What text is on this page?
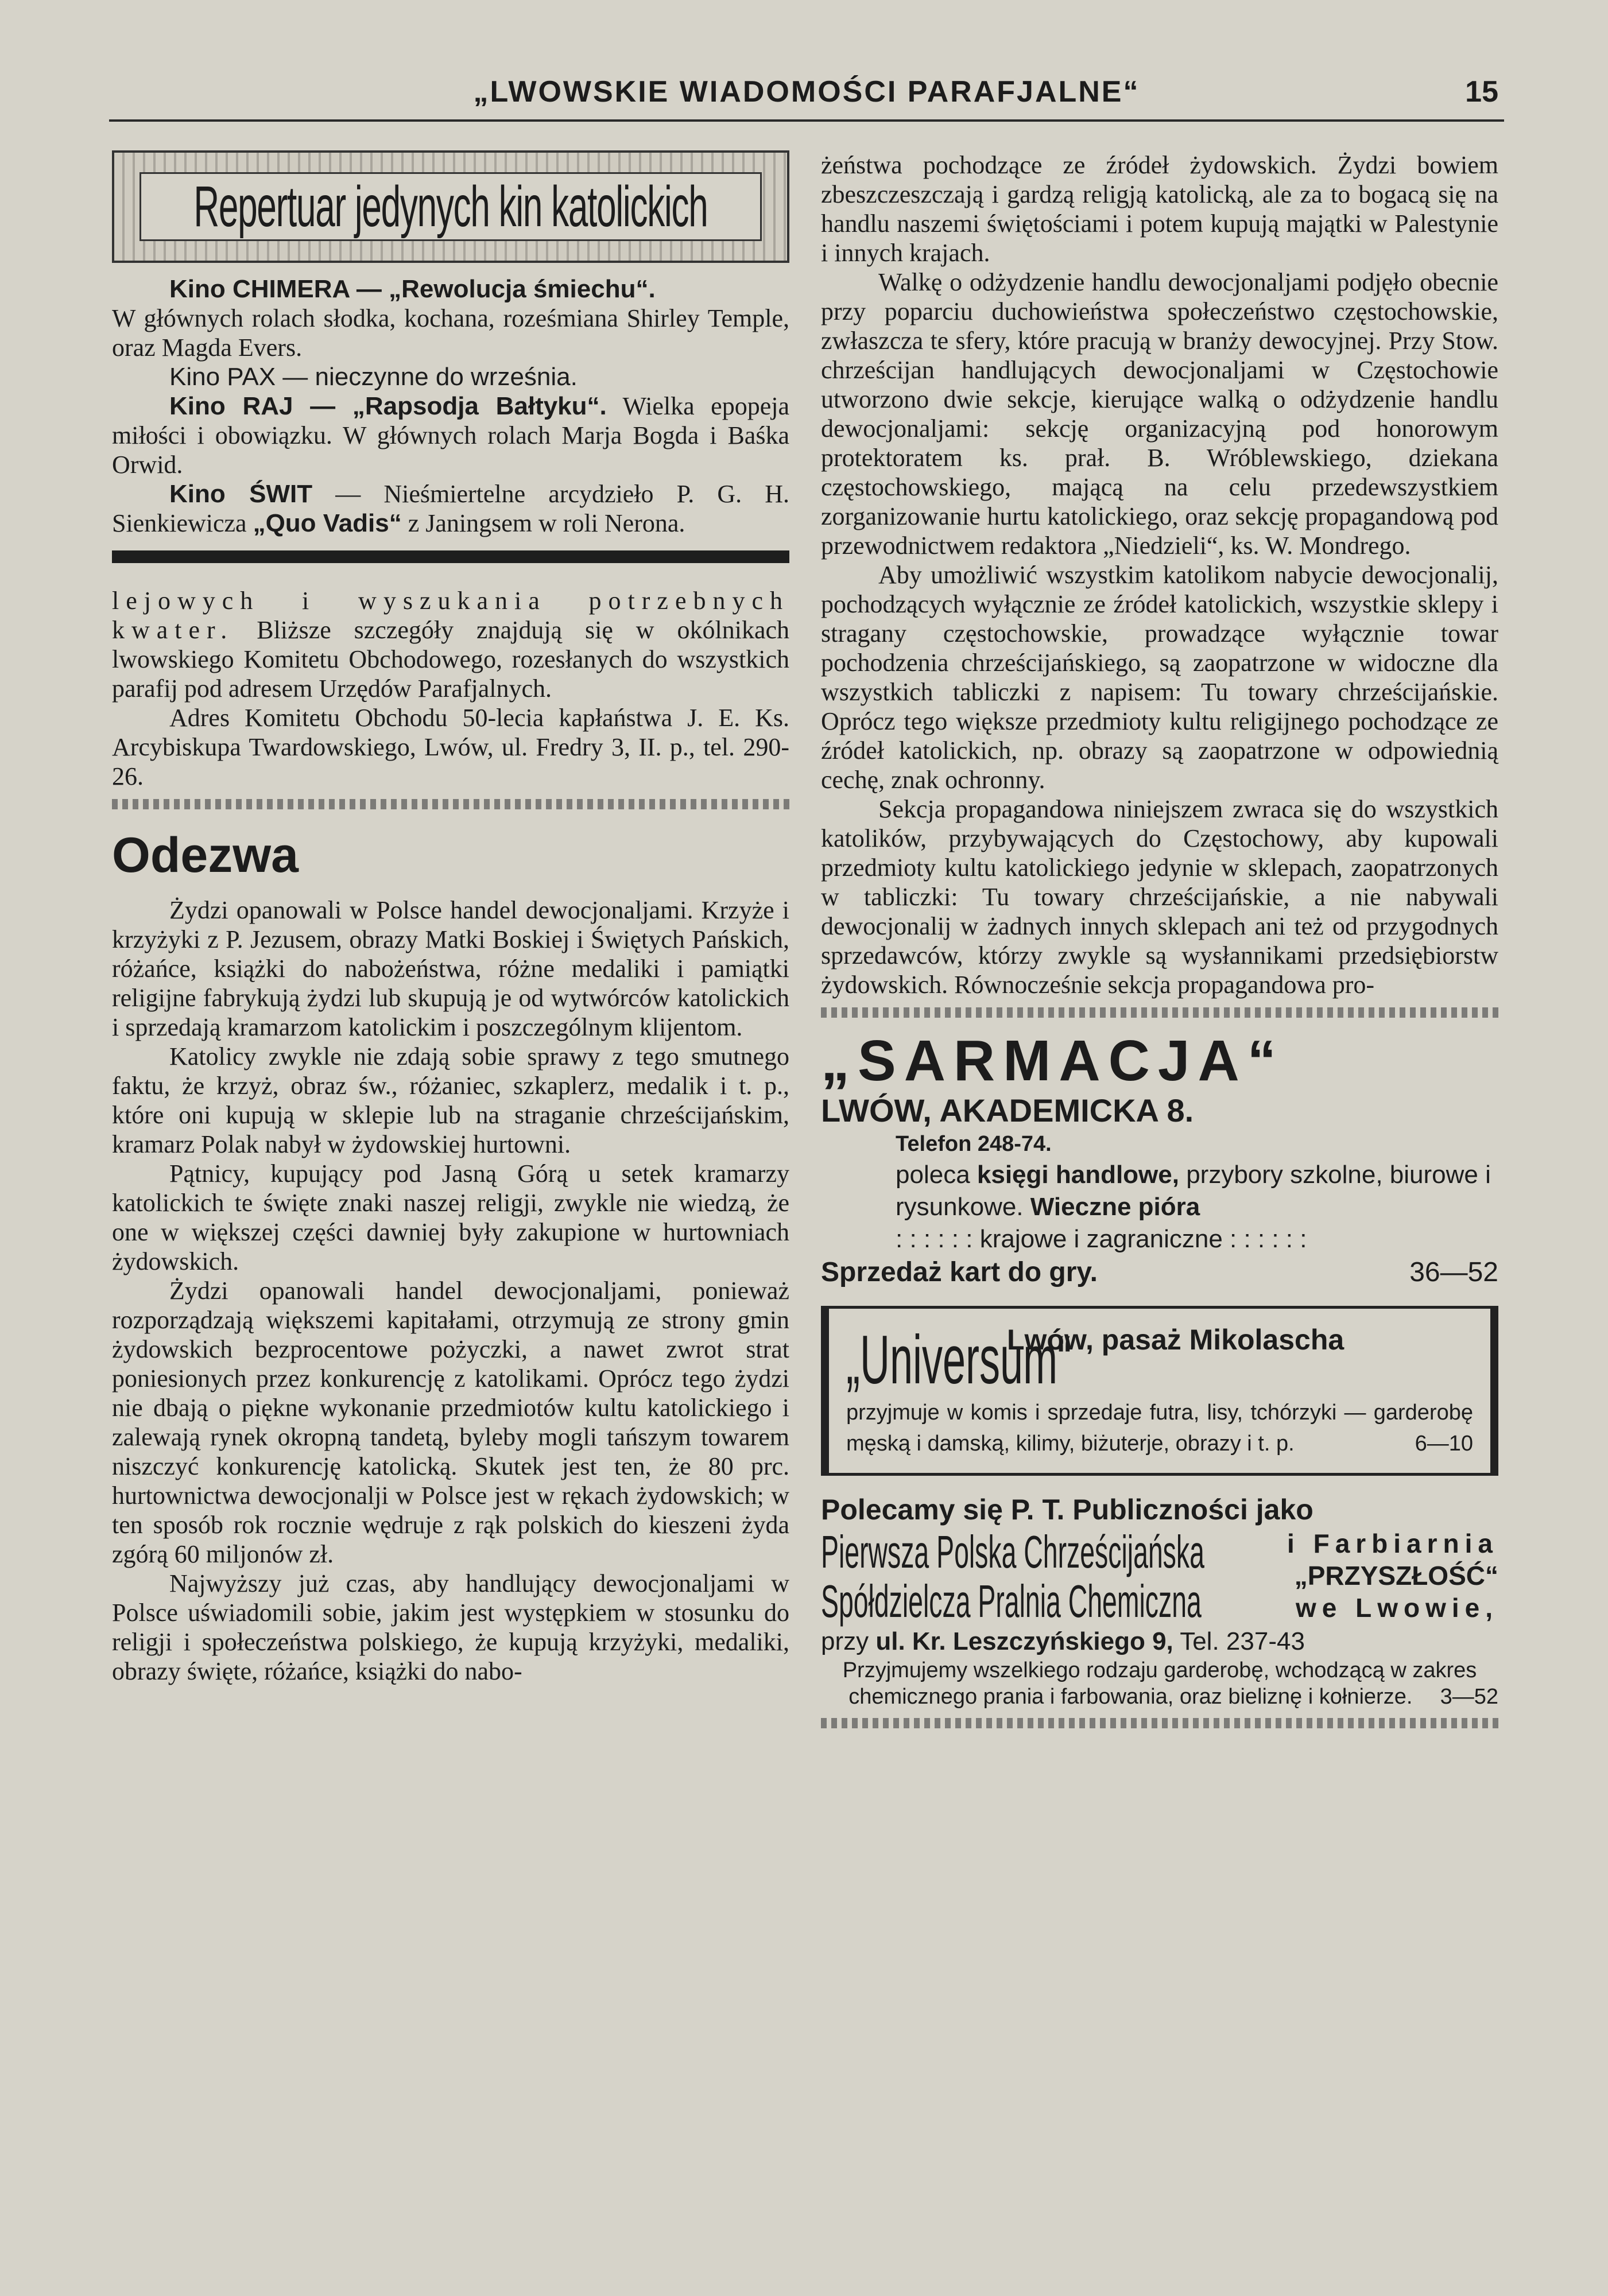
„LWOWSKIE WIADOMOŚCI PARAFJALNE“	15
Repertuar jedynych kin katolickich

Kino CHIMERA — „Rewolucja śmiechu“.

W głównych rolach słodka, kochana, roześmiana Shirley Temple, oraz Magda Evers.

Kino PAX — nieczynne do września.

Kino RAJ — „Rapsodja Bałtyku“. Wielka epopeja miłości i obowiązku. W głównych rolach Marja Bogda i Baśka Orwid.

Kino ŚWIT — Nieśmiertelne arcydzieło P. G. H. Sienkiewicza „Quo Vadis“ z Janingsem w roli Nerona.

lejowych i wyszukania potrzebnych kwater. Bliższe szczegóły znajdują się w okólnikach lwowskiego Komitetu Obchodowego, rozesłanych do wszystkich parafij pod adresem Urzędów Parafjalnych.

Adres Komitetu Obchodu 50-lecia kapłaństwa J. E. Ks. Arcybiskupa Twardowskiego, Lwów, ul. Fredry 3, II. p., tel. 290-26.

Odezwa

Żydzi opanowali w Polsce handel dewocjonaljami. Krzyże i krzyżyki z P. Jezusem, obrazy Matki Boskiej i Świętych Pańskich, różańce, książki do nabożeństwa, różne medaliki i pamiątki religijne fabrykują żydzi lub skupują je od wytwórców katolickich i sprzedają kramarzom katolickim i poszczególnym klijentom.

Katolicy zwykle nie zdają sobie sprawy z tego smutnego faktu, że krzyż, obraz św., różaniec, szkaplerz, medalik i t. p., które oni kupują w sklepie lub na straganie chrześcijańskim, kramarz Polak nabył w żydowskiej hurtowni.

Pątnicy, kupujący pod Jasną Górą u setek kramarzy katolickich te święte znaki naszej religji, zwykle nie wiedzą, że one w większej części dawniej były zakupione w hurtowniach żydowskich.

Żydzi opanowali handel dewocjonaljami, ponieważ rozporządzają większemi kapitałami, otrzymują ze strony gmin żydowskich bezprocentowe pożyczki, a nawet zwrot strat poniesionych przez konkurencję z katolikami. Oprócz tego żydzi nie dbają o piękne wykonanie przedmiotów kultu katolickiego i zalewają rynek okropną tandetą, byleby mogli tańszym towarem niszczyć konkurencję katolicką. Skutek jest ten, że 80 prc. hurtownictwa dewocjonalji w Polsce jest w rękach żydowskich; w ten sposób rok rocznie wędruje z rąk polskich do kieszeni żyda zgórą 60 miljonów zł.

Najwyższy już czas, aby handlujący dewocjonaljami w Polsce uświadomili sobie, jakim jest występkiem w stosunku do religji i społeczeństwa polskiego, że kupują krzyżyki, medaliki, obrazy święte, różańce, książki do nabo-

żeństwa pochodzące ze źródeł żydowskich. Żydzi bowiem zbeszczeszczają i gardzą religją katolicką, ale za to bogacą się na handlu naszemi świętościami i potem kupują majątki w Palestynie i innych krajach.

Walkę o odżydzenie handlu dewocjonaljami podjęło obecnie przy poparciu duchowieństwa społeczeństwo częstochowskie, zwłaszcza te sfery, które pracują w branży dewocyjnej. Przy Stow. chrześcijan handlujących dewocjonaljami w Częstochowie utworzono dwie sekcje, kierujące walką o odżydzenie handlu dewocjonaljami: sekcję organizacyjną pod honorowym protektoratem ks. prał. B. Wróblewskiego, dziekana częstochowskiego, mającą na celu przedewszystkiem zorganizowanie hurtu katolickiego, oraz sekcję propagandową pod przewodnictwem redaktora „Niedzieli“, ks. W. Mondrego.

Aby umożliwić wszystkim katolikom nabycie dewocjonalij, pochodzących wyłącznie ze źródeł katolickich, wszystkie sklepy i stragany częstochowskie, prowadzące wyłącznie towar pochodzenia chrześcijańskiego, są zaopatrzone w widoczne dla wszystkich tabliczki z napisem: Tu towary chrześcijańskie. Oprócz tego większe przedmioty kultu religijnego pochodzące ze źródeł katolickich, np. obrazy są zaopatrzone w odpowiednią cechę, znak ochronny.

Sekcja propagandowa niniejszem zwraca się do wszystkich katolików, przybywających do Częstochowy, aby kupowali przedmioty kultu katolickiego jedynie w sklepach, zaopatrzonych w tabliczki: Tu towary chrześcijańskie, a nie nabywali dewocjonalij w żadnych innych sklepach ani też od przygodnych sprzedawców, którzy zwykle są wysłannikami przedsiębiorstw żydowskich. Równocześnie sekcja propagandowa pro-

„SARMACJA“
LWÓW, AKADEMICKA 8.
Telefon 248-74.
poleca księgi handlowe, przybory szkolne, biurowe i rysunkowe. Wieczne pióra
: : : : : : krajowe i zagraniczne : : : : : :
Sprzedaż kart do gry.	36—52
„Universum“
Lwów, pasaż Mikolascha
przyjmuje w komis i sprzedaje futra, lisy, tchórzyki — garderobę męską i damską, kilimy, biżuterje, obrazy i t. p.	6—10
Polecamy się P. T. Publiczności jako
Pierwsza Polska Chrześcijańska
Spółdzielcza Pralnia Chemiczna
i Farbiarnia
„PRZYSZŁOŚĆ“
we Lwowie,
przy ul. Kr. Leszczyńskiego 9, Tel. 237-43
Przyjmujemy wszelkiego rodzaju garderobę, wchodzącą w zakres chemicznego prania i farbowania, oraz bieliznę i kołnierze. 3—52
